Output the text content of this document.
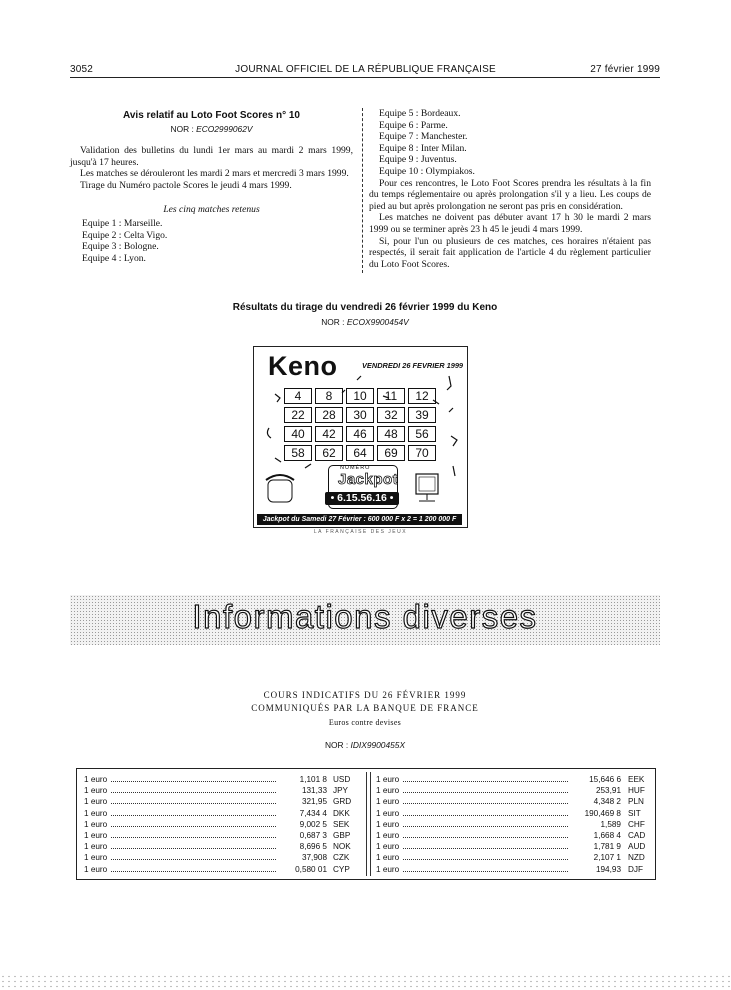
3052	JOURNAL OFFICIEL DE LA RÉPUBLIQUE FRANÇAISE	27 février 1999
Avis relatif au Loto Foot Scores n° 10
NOR : ECO2999062V

Validation des bulletins du lundi 1er mars au mardi 2 mars 1999, jusqu'à 17 heures.

Les matches se dérouleront les mardi 2 mars et mercredi 3 mars 1999.

Tirage du Numéro pactole Scores le jeudi 4 mars 1999.

Les cinq matches retenus

Equipe 1 : Marseille.

Equipe 2 : Celta Vigo.

Equipe 3 : Bologne.

Equipe 4 : Lyon.

Equipe 5 : Bordeaux.

Equipe 6 : Parme.

Equipe 7 : Manchester.

Equipe 8 : Inter Milan.

Equipe 9 : Juventus.

Equipe 10 : Olympiakos.

Pour ces rencontres, le Loto Foot Scores prendra les résultats à la fin du temps réglementaire ou après prolongation s'il y a lieu. Les coups de pied au but après prolongation ne seront pas pris en considération.

Les matches ne doivent pas débuter avant 17 h 30 le mardi 2 mars 1999 ou se terminer après 23 h 45 le jeudi 4 mars 1999.

Si, pour l'un ou plusieurs de ces matches, ces horaires n'étaient pas respectés, il serait fait application de l'article 4 du règlement particulier du Loto Foot Scores.

Résultats du tirage du vendredi 26 février 1999 du Keno
NOR : ECOX9900454V
Keno	VENDREDI 26 FEVRIER 1999
4	8	10	11	12
22	28	30	32	39
40	42	46	48	56
58	62	64	69	70
NUMÉRO
Jackpot
• 6.15.56.16 •
Jackpot du Samedi 27 Février : 600 000 F x 2 = 1 200 000 F
LA FRANÇAISE DES JEUX
Informations diverses
COURS INDICATIFS DU 26 FÉVRIER 1999
COMMUNIQUÉS PAR LA BANQUE DE FRANCE
Euros contre devises
NOR : IDIX9900455X
1 euro	1,101 8 USD
1 euro	131,33 JPY
1 euro	321,95 GRD
1 euro	7,434 4 DKK
1 euro	9,002 5 SEK
1 euro	0,687 3 GBP
1 euro	8,696 5 NOK
1 euro	37,908 CZK
1 euro	0,580 01 CYP
1 euro	15,646 6 EEK
1 euro	253,91 HUF
1 euro	4,348 2 PLN
1 euro	190,469 8 SIT
1 euro	1,589 CHF
1 euro	1,668 4 CAD
1 euro	1,781 9 AUD
1 euro	2,107 1 NZD
1 euro	194,93 DJF
